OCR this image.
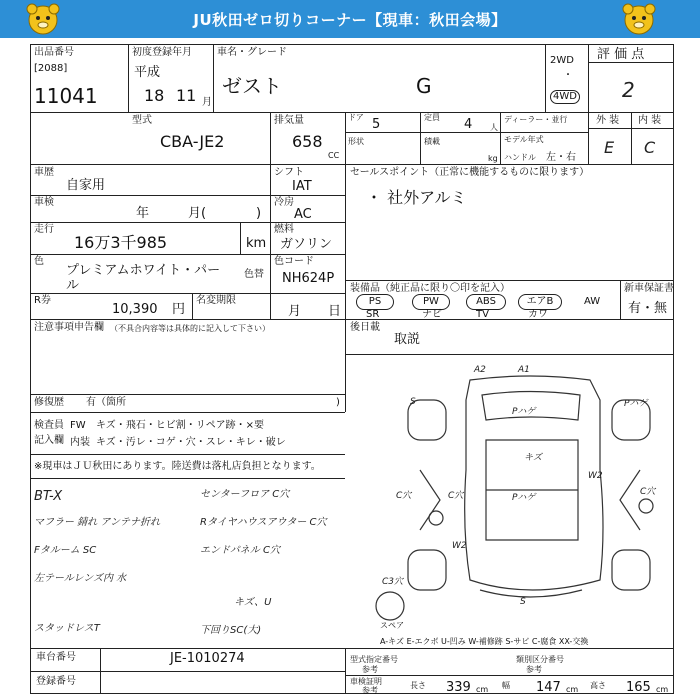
JU秋田ゼロ切りコーナー【現車：秋田会場】
出品番号
[2088]
11041
初度登録年月
平成
18 11 月
車名・グレード
ゼスト	G
2WD
・
4WD
評 価 点
2
型式
CBA-JE2
排気量
658
CC
ドア 5	定員 4 人
形状	積載
kg
ディーラー・並行
モデル年式
ハンドル 左・右
外 装 内 装
E C
車歴
自家用
車検
年	月(	)
走行
16万3千985	km
色
プレミアムホワイト・パー
ル
色替
シフト
IAT
冷房
AC
燃料
ガソリン
色コード
NH624P
R券
10,390 円
名変期限
月 日
セールスポイント（正常に機能するものに限ります）
・ 社外アルミ
装備品（純正品に限り〇印を記入）	新車保証書
有・無
PS	PW	ABS	エアB	AW
SR	ナビ	TV	カワ
注意事項申告欄 （不具合内容等は具体的に記入して下さい）
修復歴 有（箇所	)
後日載
取説
検査員
記入欄
FW キズ・飛石・ヒビ割・リペア跡・×要
内装 キズ・汚レ・コゲ・穴・スレ・キレ・破レ
※現車はＪＵ秋田にあります。陸送費は落札店負担となります。
BT-X
マフラー 錆れ アンテナ折れ
Fタルーム SC
左テールレンズ内 水
スタッドレスT
センターフロア C穴
Rタイヤハウスアウター C穴
エンドパネル C穴
キズ、U
下回りSC(大)
A2	A1
S
Pハゲ
Pハゲ
キズ
W2
C穴	C穴	Pハゲ
C穴
W2
C3穴
S
スペア
A-キズ E-エクボ U-凹み W-補修跡 S-サビ C-腐食 XX-交換
車台番号	JE-1010274
登録番号
型式指定番号
参考
類別区分番号
参考
車検証明
参考
長さ 339 cm 幅 147 cm 高さ 165 cm
